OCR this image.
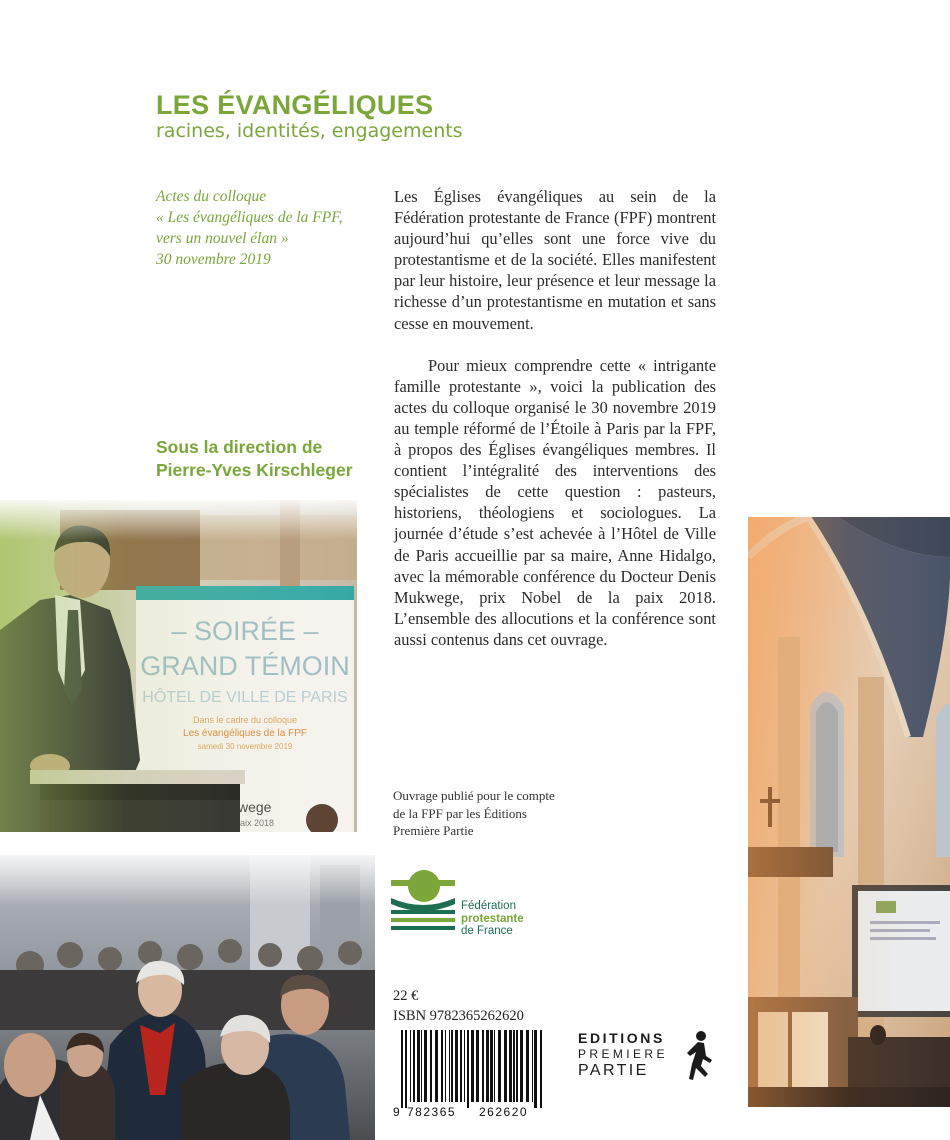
LES ÉVANGÉLIQUES
racines, identités, engagements
Actes du colloque
« Les évangéliques de la FPF,
vers un nouvel élan »
30 novembre 2019

Les Églises évangéliques au sein de la Fédération protestante de France (FPF) montrent aujourd’hui qu’elles sont une force vive du protestantisme et de la société. Elles manifestent par leur histoire, leur présence et leur message la richesse d’un protestantisme en mutation et sans cesse en mouvement.

Pour mieux comprendre cette « intrigante famille protestante », voici la publication des actes du colloque organisé le 30 novembre 2019 au temple réformé de l’Étoile à Paris par la FPF, à propos des Églises évangéliques membres. Il contient l’intégralité des interventions des spécialistes de cette question : pasteurs, historiens, théologiens et sociologues. La journée d’étude s’est achevée à l’Hôtel de Ville de Paris accueillie par sa maire, Anne Hidalgo, avec la mémorable conférence du Docteur Denis Mukwege, prix Nobel de la paix 2018. L’ensemble des allocutions et la conférence sont aussi contenus dans cet ouvrage.

Sous la direction de
Pierre-Yves Kirschleger
Ouvrage publié pour le compte
de la FPF par les Éditions
Première Partie
Fédération
protestante
de France
22 €
ISBN 9782365262620
9 782365 262620
EDITIONS
PREMIERE
PARTIE
